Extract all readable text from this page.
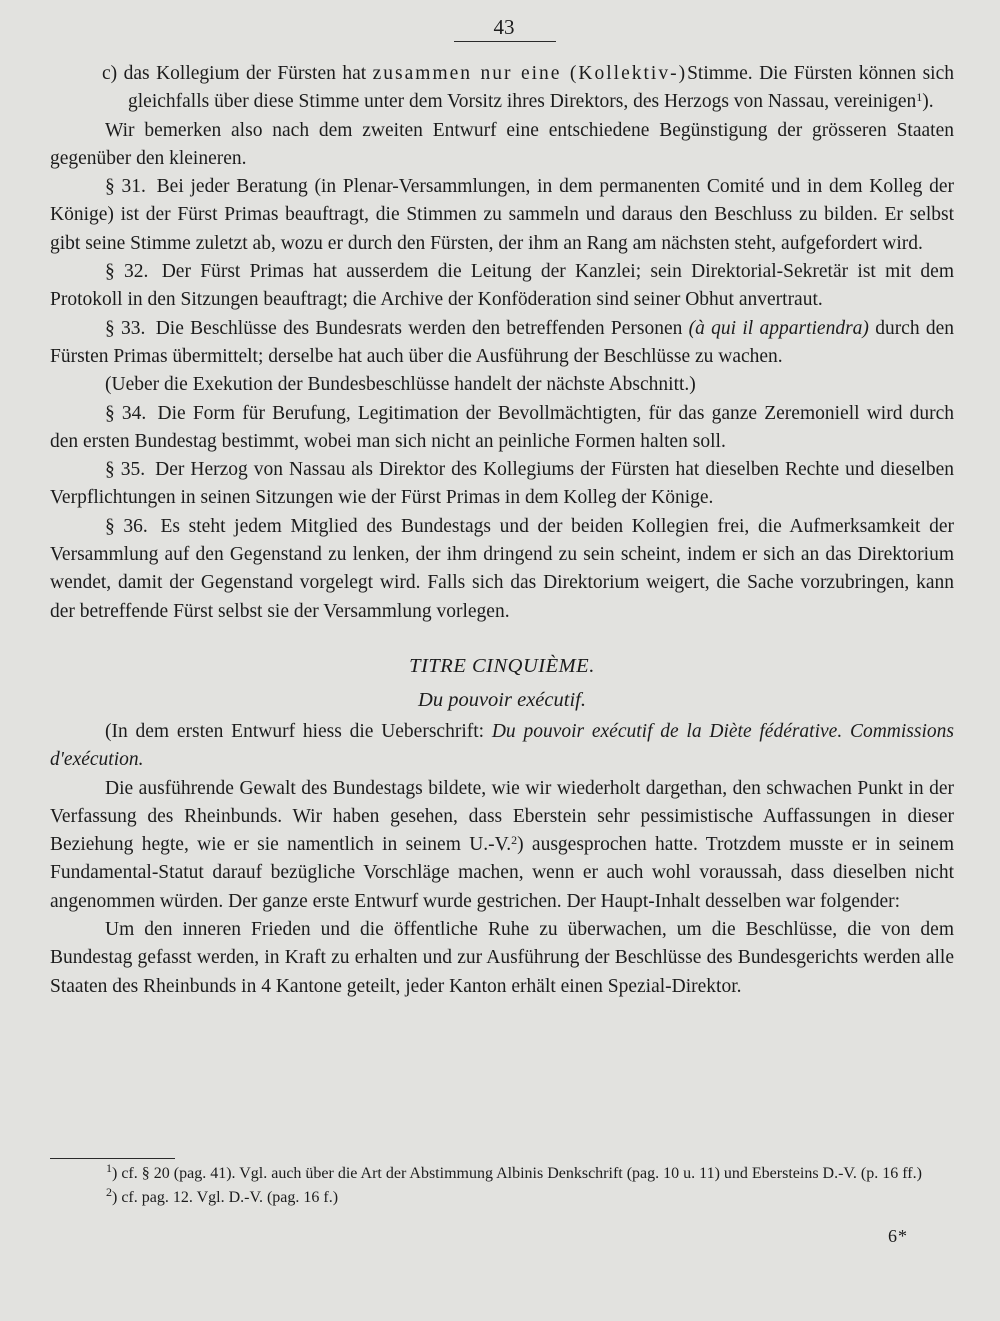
43

c) das Kollegium der Fürsten hat zusammen nur eine (Kollektiv-)Stimme. Die Fürsten können sich gleichfalls über diese Stimme unter dem Vorsitz ihres Direktors, des Herzogs von Nassau, vereinigen$^1$).

Wir bemerken also nach dem zweiten Entwurf eine entschiedene Begünstigung der grösseren Staaten gegenüber den kleineren.

§ 31. Bei jeder Beratung (in Plenar-Versammlungen, in dem permanenten Comité und in dem Kolleg der Könige) ist der Fürst Primas beauftragt, die Stimmen zu sammeln und daraus den Beschluss zu bilden. Er selbst gibt seine Stimme zuletzt ab, wozu er durch den Fürsten, der ihm an Rang am nächsten steht, aufgefordert wird.

§ 32. Der Fürst Primas hat ausserdem die Leitung der Kanzlei; sein Direktorial-Sekretär ist mit dem Protokoll in den Sitzungen beauftragt; die Archive der Konföderation sind seiner Obhut anvertraut.

§ 33. Die Beschlüsse des Bundesrats werden den betreffenden Personen (à qui il appartiendra) durch den Fürsten Primas übermittelt; derselbe hat auch über die Ausführung der Beschlüsse zu wachen.

(Ueber die Exekution der Bundesbeschlüsse handelt der nächste Abschnitt.)

§ 34. Die Form für Berufung, Legitimation der Bevollmächtigten, für das ganze Zeremoniell wird durch den ersten Bundestag bestimmt, wobei man sich nicht an peinliche Formen halten soll.

§ 35. Der Herzog von Nassau als Direktor des Kollegiums der Fürsten hat dieselben Rechte und dieselben Verpflichtungen in seinen Sitzungen wie der Fürst Primas in dem Kolleg der Könige.

§ 36. Es steht jedem Mitglied des Bundestags und der beiden Kollegien frei, die Aufmerksamkeit der Versammlung auf den Gegenstand zu lenken, der ihm dringend zu sein scheint, indem er sich an das Direktorium wendet, damit der Gegenstand vorgelegt wird. Falls sich das Direktorium weigert, die Sache vorzubringen, kann der betreffende Fürst selbst sie der Versammlung vorlegen.

TITRE CINQUIÈME.
Du pouvoir exécutif.

(In dem ersten Entwurf hiess die Ueberschrift: Du pouvoir exécutif de la Diète fédérative. Commissions d'exécution.

Die ausführende Gewalt des Bundestags bildete, wie wir wiederholt dargethan, den schwachen Punkt in der Verfassung des Rheinbunds. Wir haben gesehen, dass Eberstein sehr pessimistische Auffassungen in dieser Beziehung hegte, wie er sie namentlich in seinem U.-V.$^2$) ausgesprochen hatte. Trotzdem musste er in seinem Fundamental-Statut darauf bezügliche Vorschläge machen, wenn er auch wohl voraussah, dass dieselben nicht angenommen würden. Der ganze erste Entwurf wurde gestrichen. Der Haupt-Inhalt desselben war folgender:

Um den inneren Frieden und die öffentliche Ruhe zu überwachen, um die Beschlüsse, die von dem Bundestag gefasst werden, in Kraft zu erhalten und zur Ausführung der Beschlüsse des Bundesgerichts werden alle Staaten des Rheinbunds in 4 Kantone geteilt, jeder Kanton erhält einen Spezial-Direktor.

$^1$) cf. § 20 (pag. 41). Vgl. auch über die Art der Abstimmung Albinis Denkschrift (pag. 10 u. 11) und Ebersteins D.-V. (p. 16 ff.)

$^2$) cf. pag. 12. Vgl. D.-V. (pag. 16 f.)

6*
